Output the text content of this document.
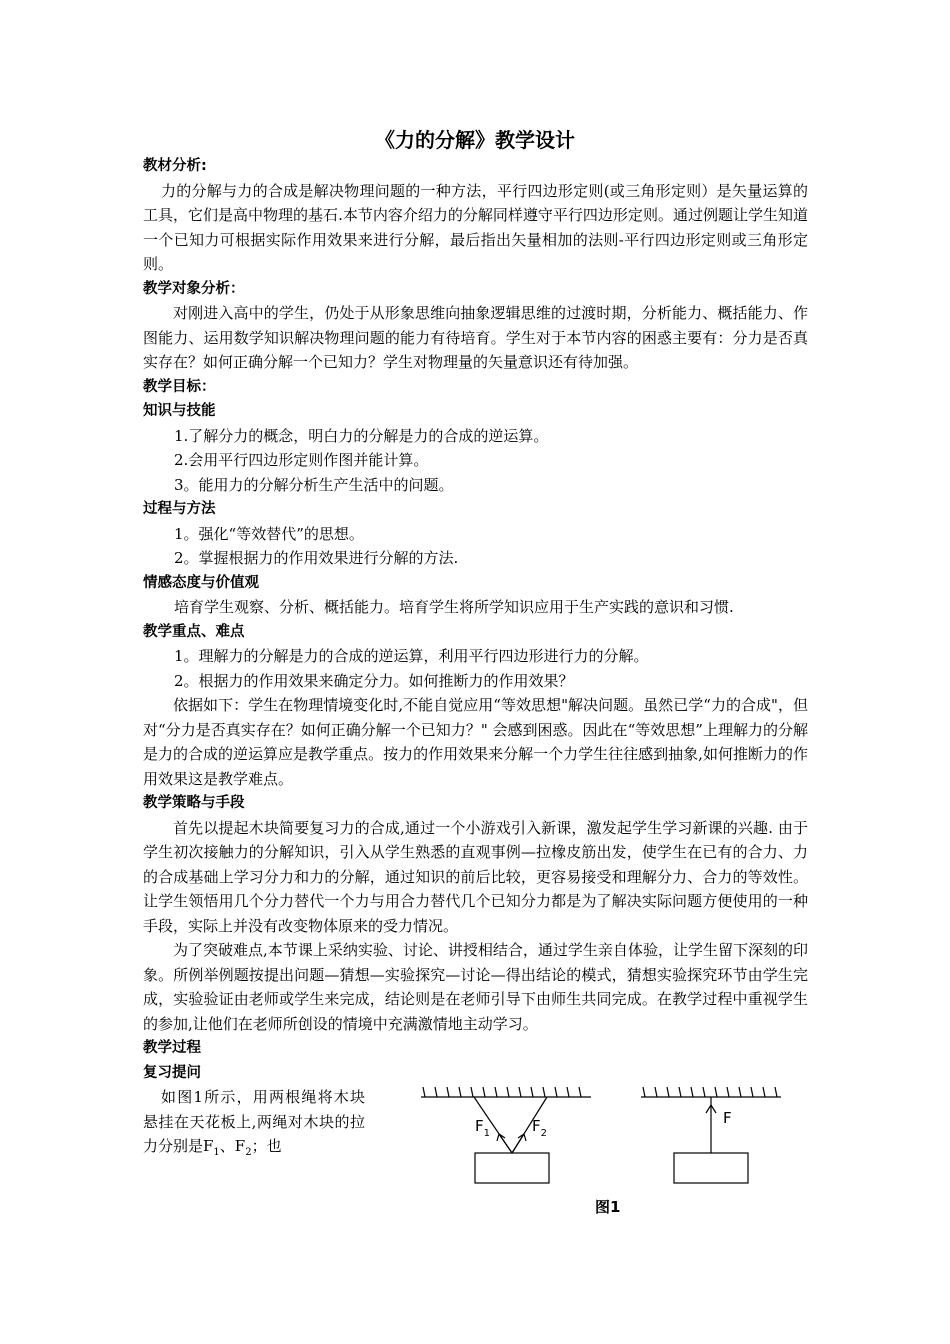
《力的分解》教学设计

教材分析:

力的分解与力的合成是解决物理问题的一种方法，平行四边形定则(或三角形定则）是矢量运算的工具，它们是高中物理的基石.本节内容介绍力的分解同样遵守平行四边形定则。通过例题让学生知道一个已知力可根据实际作用效果来进行分解，最后指出矢量相加的法则-平行四边形定则或三角形定则。

教学对象分析：

对刚进入高中的学生，仍处于从形象思维向抽象逻辑思维的过渡时期，分析能力、概括能力、作图能力、运用数学知识解决物理问题的能力有待培育。学生对于本节内容的困惑主要有：分力是否真实存在？如何正确分解一个已知力？学生对物理量的矢量意识还有待加强。

教学目标：

知识与技能

1.了解分力的概念，明白力的分解是力的合成的逆运算。

2.会用平行四边形定则作图并能计算。

3。能用力的分解分析生产生活中的问题。

过程与方法

1。强化“等效替代”的思想。

2。掌握根据力的作用效果进行分解的方法.

情感态度与价值观

培育学生观察、分析、概括能力。培育学生将所学知识应用于生产实践的意识和习惯.

教学重点、难点

1。理解力的分解是力的合成的逆运算，利用平行四边形进行力的分解。

2。根据力的作用效果来确定分力。如何推断力的作用效果？

依据如下：学生在物理情境变化时,不能自觉应用“等效思想"解决问题。虽然已学“力的合成"，但对“分力是否真实存在？如何正确分解一个已知力？" 会感到困惑。因此在“等效思想”上理解力的分解是力的合成的逆运算应是教学重点。按力的作用效果来分解一个力学生往往感到抽象,如何推断力的作用效果这是教学难点。

教学策略与手段

首先以提起木块简要复习力的合成,通过一个小游戏引入新课，激发起学生学习新课的兴趣. 由于学生初次接触力的分解知识，引入从学生熟悉的直观事例—拉橡皮筋出发，使学生在已有的合力、力的合成基础上学习分力和力的分解，通过知识的前后比较，更容易接受和理解分力、合力的等效性。让学生领悟用几个分力替代一个力与用合力替代几个已知分力都是为了解决实际问题方便使用的一种手段，实际上并没有改变物体原来的受力情况。

为了突破难点,本节课上采纳实验、讨论、讲授相结合，通过学生亲自体验，让学生留下深刻的印象。所例举例题按提出问题—猜想—实验探究—讨论—得出结论的模式，猜想实验探究环节由学生完成，实验验证由老师或学生来完成，结论则是在老师引导下由师生共同完成。在教学过程中重视学生的参加,让他们在老师所创设的情境中充满激情地主动学习。

教学过程

复习提问

如图1所示，用两根绳将木块悬挂在天花板上,两绳对木块的拉力分别是$F_1$、$F_2$；也

$F_1$	$F_2$
F
图1
